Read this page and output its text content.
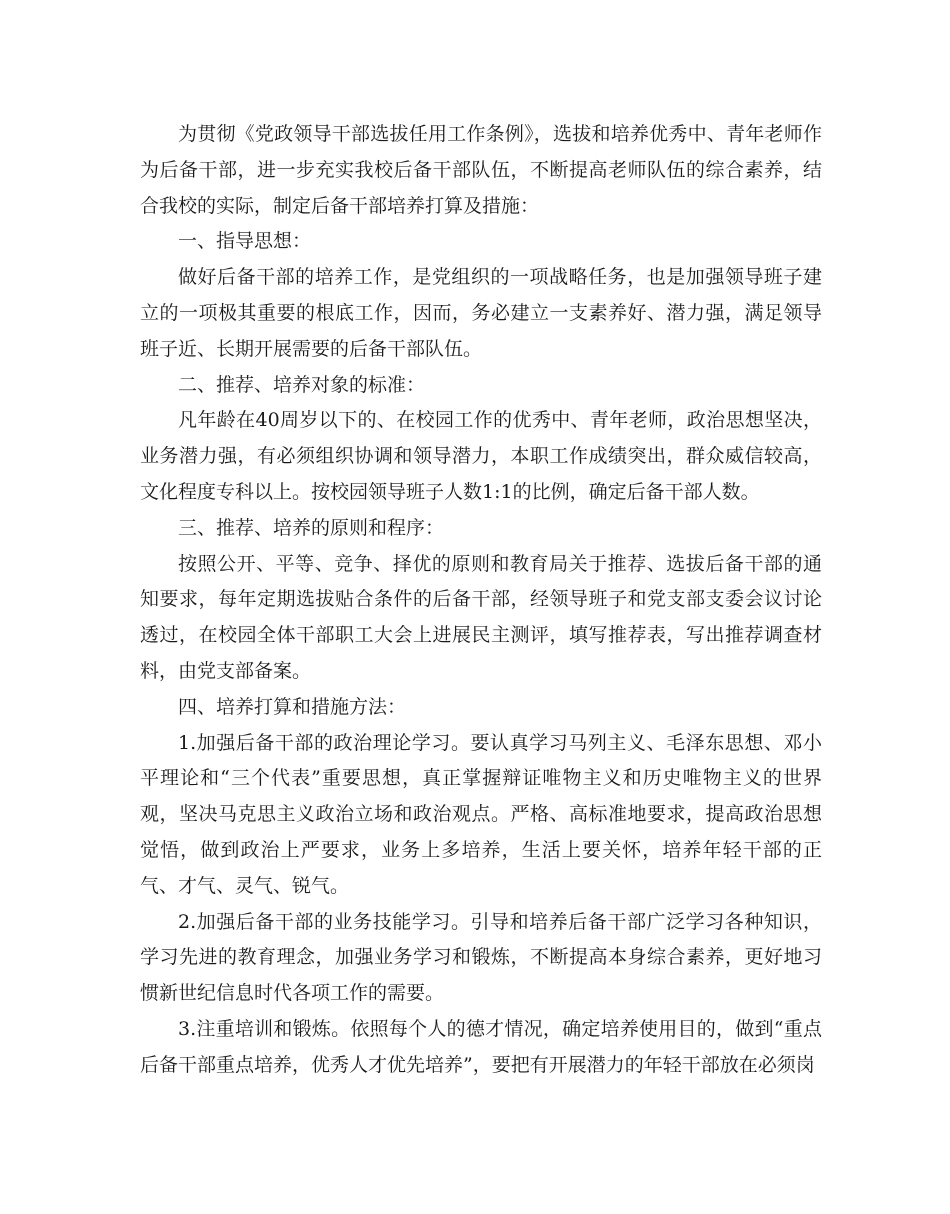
为贯彻《党政领导干部选拔任用工作条例》，选拔和培养优秀中、青年老师作为后备干部，进一步充实我校后备干部队伍，不断提高老师队伍的综合素养，结合我校的实际，制定后备干部培养打算及措施：

一、指导思想：

做好后备干部的培养工作，是党组织的一项战略任务，也是加强领导班子建立的一项极其重要的根底工作，因而，务必建立一支素养好、潜力强，满足领导班子近、长期开展需要的后备干部队伍。

二、推荐、培养对象的标准：

凡年龄在40周岁以下的、在校园工作的优秀中、青年老师，政治思想坚决，业务潜力强，有必须组织协调和领导潜力，本职工作成绩突出，群众威信较高，文化程度专科以上。按校园领导班子人数1:1的比例，确定后备干部人数。

三、推荐、培养的原则和程序：

按照公开、平等、竞争、择优的原则和教育局关于推荐、选拔后备干部的通知要求，每年定期选拔贴合条件的后备干部，经领导班子和党支部支委会议讨论透过，在校园全体干部职工大会上进展民主测评，填写推荐表，写出推荐调查材料，由党支部备案。

四、培养打算和措施方法：

1.加强后备干部的政治理论学习。要认真学习马列主义、毛泽东思想、邓小平理论和“三个代表”重要思想，真正掌握辩证唯物主义和历史唯物主义的世界观，坚决马克思主义政治立场和政治观点。严格、高标准地要求，提高政治思想觉悟，做到政治上严要求，业务上多培养，生活上要关怀，培养年轻干部的正气、才气、灵气、锐气。

2.加强后备干部的业务技能学习。引导和培养后备干部广泛学习各种知识，学习先进的教育理念，加强业务学习和锻炼，不断提高本身综合素养，更好地习惯新世纪信息时代各项工作的需要。

3.注重培训和锻炼。依照每个人的德才情况，确定培养使用目的，做到“重点后备干部重点培养，优秀人才优先培养”，要把有开展潜力的年轻干部放在必须岗
